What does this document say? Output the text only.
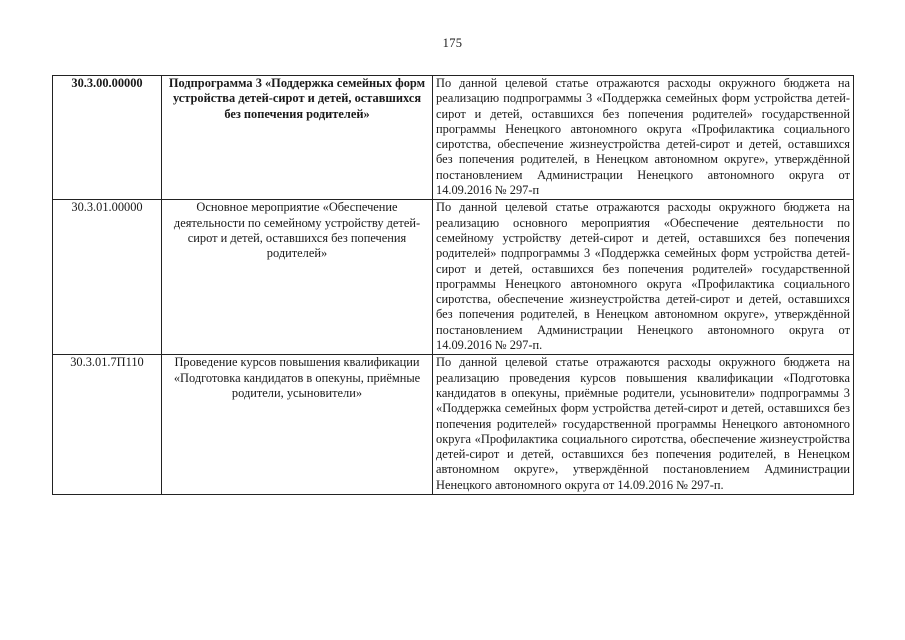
175
30.3.00.00000	Подпрограмма 3 «Поддержка семейных форм устройства детей-сирот и детей, оставшихся без попечения родителей»	По данной целевой статье отражаются расходы окружного бюджета на реализацию подпрограммы 3 «Поддержка семейных форм устройства детей-сирот и детей, оставшихся без попечения родителей» государственной программы Ненецкого автономного округа «Профилактика социального сиротства, обеспечение жизнеустройства детей-сирот и детей, оставшихся без попечения родителей, в Ненецком автономном округе», утверждённой постановлением Администрации Ненецкого автономного округа от 14.09.2016 № 297-п
30.3.01.00000	Основное мероприятие «Обеспечение деятельности по семейному устройству детей-сирот и детей, оставшихся без попечения родителей»	По данной целевой статье отражаются расходы окружного бюджета на реализацию основного мероприятия «Обеспечение деятельности по семейному устройству детей-сирот и детей, оставшихся без попечения родителей» подпрограммы 3 «Поддержка семейных форм устройства детей-сирот и детей, оставшихся без попечения родителей» государственной программы Ненецкого автономного округа «Профилактика социального сиротства, обеспечение жизнеустройства детей-сирот и детей, оставшихся без попечения родителей, в Ненецком автономном округе», утверждённой постановлением Администрации Ненецкого автономного округа от 14.09.2016 № 297-п.
30.3.01.7П110	Проведение курсов повышения квалификации «Подготовка кандидатов в опекуны, приёмные родители, усыновители»	По данной целевой статье отражаются расходы окружного бюджета на реализацию проведения курсов повышения квалификации «Подготовка кандидатов в опекуны, приёмные родители, усыновители» подпрограммы 3 «Поддержка семейных форм устройства детей-сирот и детей, оставшихся без попечения родителей» государственной программы Ненецкого автономного округа «Профилактика социального сиротства, обеспечение жизнеустройства детей-сирот и детей, оставшихся без попечения родителей, в Ненецком автономном округе», утверждённой постановлением Администрации Ненецкого автономного округа от 14.09.2016 № 297-п.
